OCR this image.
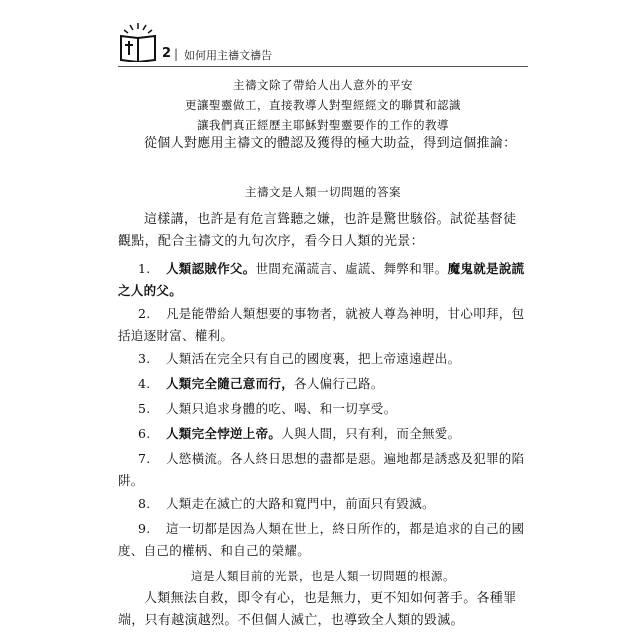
2 | 如何用主禱文禱告
主禱文除了帶給人出人意外的平安
更讓聖靈做工，直接教導人對聖經經文的聯貫和認識
讓我們真正經歷主耶穌對聖靈要作的工作的教導
從個人對應用主禱文的體認及獲得的極大助益，得到這個推論：
主禱文是人類一切問題的答案
這樣講，也許是有危言聳聽之嫌，也許是驚世駭俗。試從基督徒觀點，配合主禱文的九句次序，看今日人類的光景：
1. 人類認賊作父。世間充滿謊言、虛謊、舞弊和罪。魔鬼就是說謊之人的父。
2. 凡是能帶給人類想要的事物者，就被人尊為神明，甘心叩拜，包括追逐財富、權利。
3. 人類活在完全只有自己的國度裏，把上帝遠遠趕出。
4. 人類完全隨己意而行，各人偏行己路。
5. 人類只追求身體的吃、喝、和一切享受。
6. 人類完全悖逆上帝。人與人間，只有利，而全無愛。
7. 人慾橫流。各人終日思想的盡都是惡。遍地都是誘惑及犯罪的陷阱。
8. 人類走在滅亡的大路和寬門中，前面只有毀滅。
9. 這一切都是因為人類在世上，終日所作的，都是追求的自己的國度、自己的權柄、和自己的榮耀。
這是人類目前的光景，也是人類一切問題的根源。
人類無法自救，即令有心，也是無力，更不知如何著手。各種罪端，只有越演越烈。不但個人滅亡，也導致全人類的毀滅。
